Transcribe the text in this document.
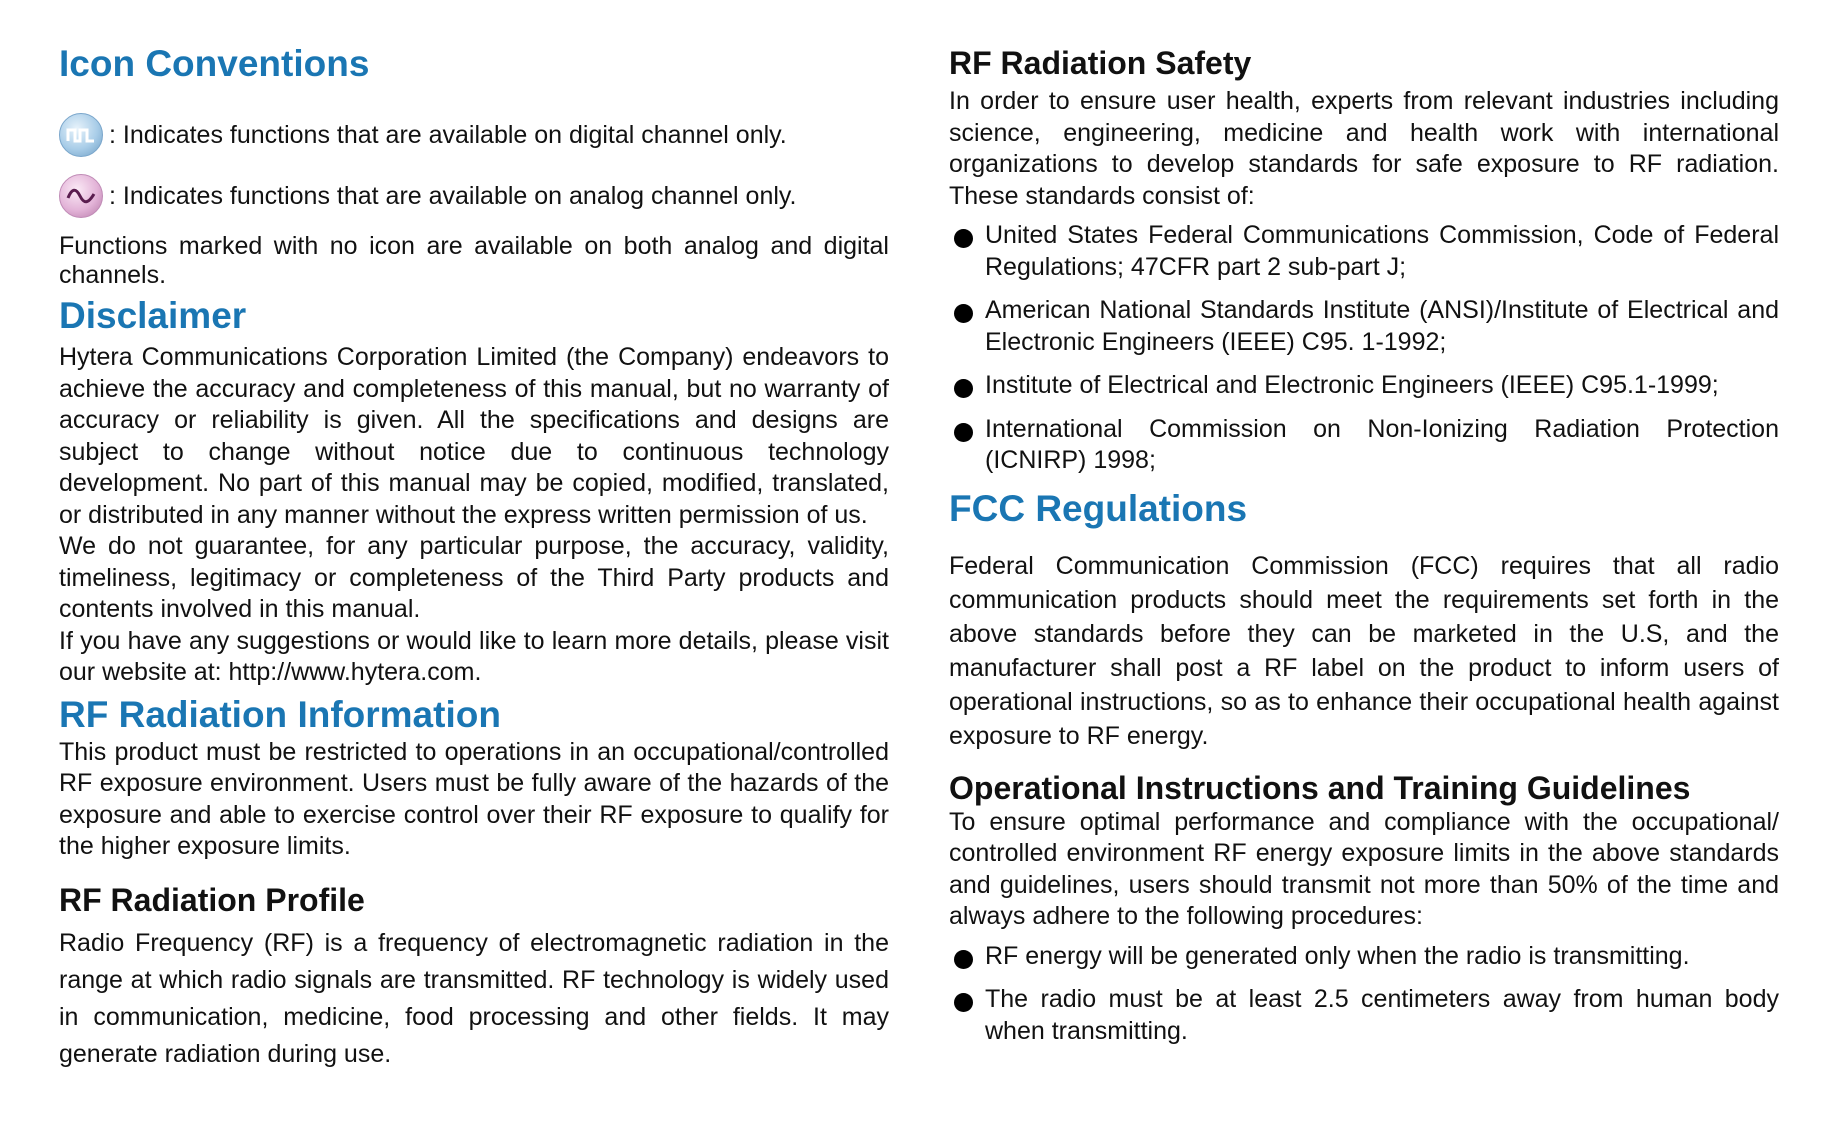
Icon Conventions
: Indicates functions that are available on digital channel only.
: Indicates functions that are available on analog channel only.

Functions marked with no icon are available on both analog and digital channels.

Disclaimer

Hytera Communications Corporation Limited (the Company) endeavors to achieve the accuracy and completeness of this manual, but no warranty of accuracy or reliability is given. All the specifications and designs are subject to change without notice due to continuous technology development. No part of this manual may be copied, modified, translated, or distributed in any manner without the express written permission of us.

We do not guarantee, for any particular purpose, the accuracy, validity, timeliness, legitimacy or completeness of the Third Party products and contents involved in this manual.

If you have any suggestions or would like to learn more details, please visit our website at: http://www.hytera.com.

RF Radiation Information

This product must be restricted to operations in an occupational/controlled RF exposure environment. Users must be fully aware of the hazards of the exposure and able to exercise control over their RF exposure to qualify for the higher exposure limits.

RF Radiation Profile

Radio Frequency (RF) is a frequency of electromagnetic radiation in the range at which radio signals are transmitted. RF technology is widely used in communication, medicine, food processing and other fields. It may generate radiation during use.

RF Radiation Safety

In order to ensure user health, experts from relevant industries including science, engineering, medicine and health work with international organizations to develop standards for safe exposure to RF radiation. These standards consist of:

United States Federal Communications Commission, Code of Federal Regulations; 47CFR part 2 sub-part J;
American National Standards Institute (ANSI)/Institute of Electrical and Electronic Engineers (IEEE) C95. 1-1992;
Institute of Electrical and Electronic Engineers (IEEE) C95.1-1999;
International Commission on Non-Ionizing Radiation Protection (ICNIRP) 1998;
FCC Regulations

Federal Communication Commission (FCC) requires that all radio communication products should meet the requirements set forth in the above standards before they can be marketed in the U.S, and the manufacturer shall post a RF label on the product to inform users of operational instructions, so as to enhance their occupational health against exposure to RF energy.

Operational Instructions and Training Guidelines

To ensure optimal performance and compliance with the occupational/ controlled environment RF energy exposure limits in the above standards and guidelines, users should transmit not more than 50% of the time and always adhere to the following procedures:

RF energy will be generated only when the radio is transmitting.
The radio must be at least 2.5 centimeters away from human body when transmitting.
